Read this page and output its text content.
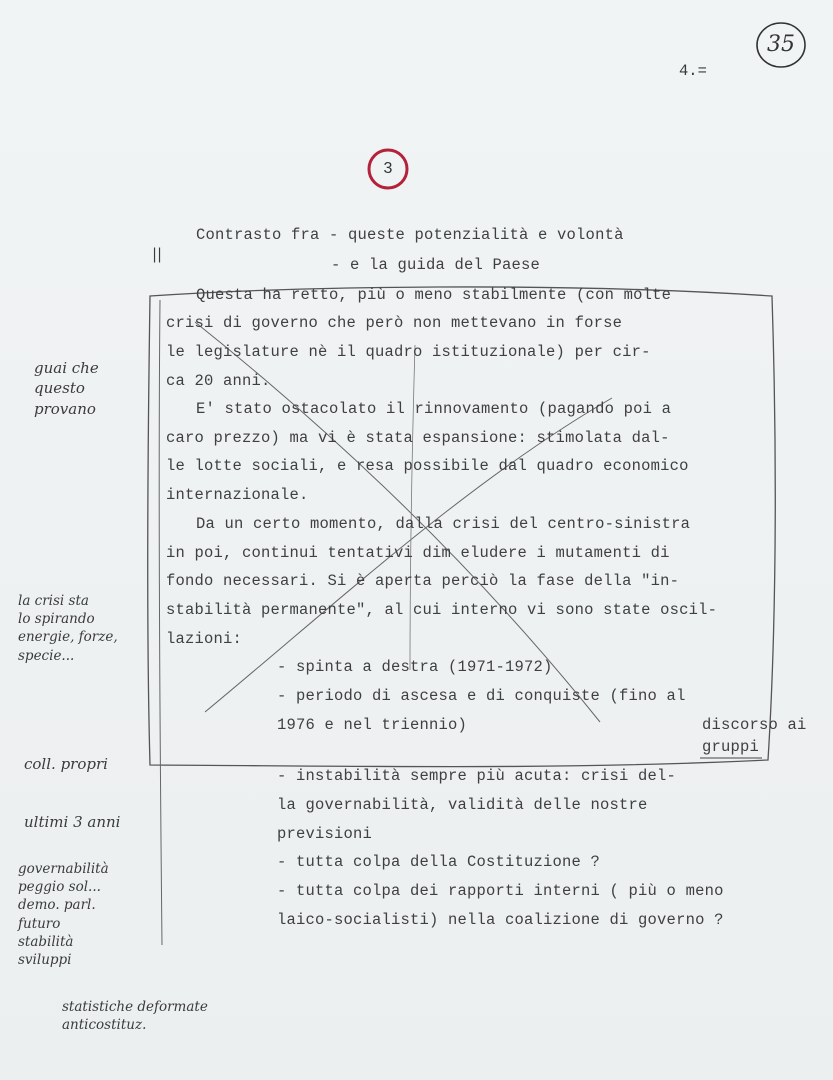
4.=
35
3
Contrasto fra - queste potenzialità e volontà
- e la guida del Paese
||
Questa ha retto, più o meno stabilmente (con molte
crisi di governo che però non mettevano in forse
le legislature nè il quadro istituzionale) per cir-
ca 20 anni.
E' stato ostacolato il rinnovamento (pagando poi a
caro prezzo) ma vi è stata espansione: stimolata dal-
le lotte sociali, e resa possibile dal quadro economico
internazionale.
Da un certo momento, dalla crisi del centro-sinistra
in poi, continui tentativi dim eludere i mutamenti di
fondo necessari. Si è aperta perciò la fase della "in-
stabilità permanente", al cui interno vi sono state oscil-
lazioni:
- spinta a destra (1971-1972)
- periodo di ascesa e di conquiste (fino al
1976 e nel triennio)	discorso ai
gruppi
- instabilità sempre più acuta: crisi del-
la governabilità, validità delle nostre
previsioni
- tutta colpa della Costituzione ?
- tutta colpa dei rapporti interni ( più o meno
laico-socialisti) nella coalizione di governo ?
guai che
questo
provano
la crisi sta
lo spirando
energie, forze,
specie...
coll. propri
ultimi 3 anni
governabilità
peggio sol...
demo. parl.
futuro
stabilità
sviluppi
statistiche deformate
anticostituz.
